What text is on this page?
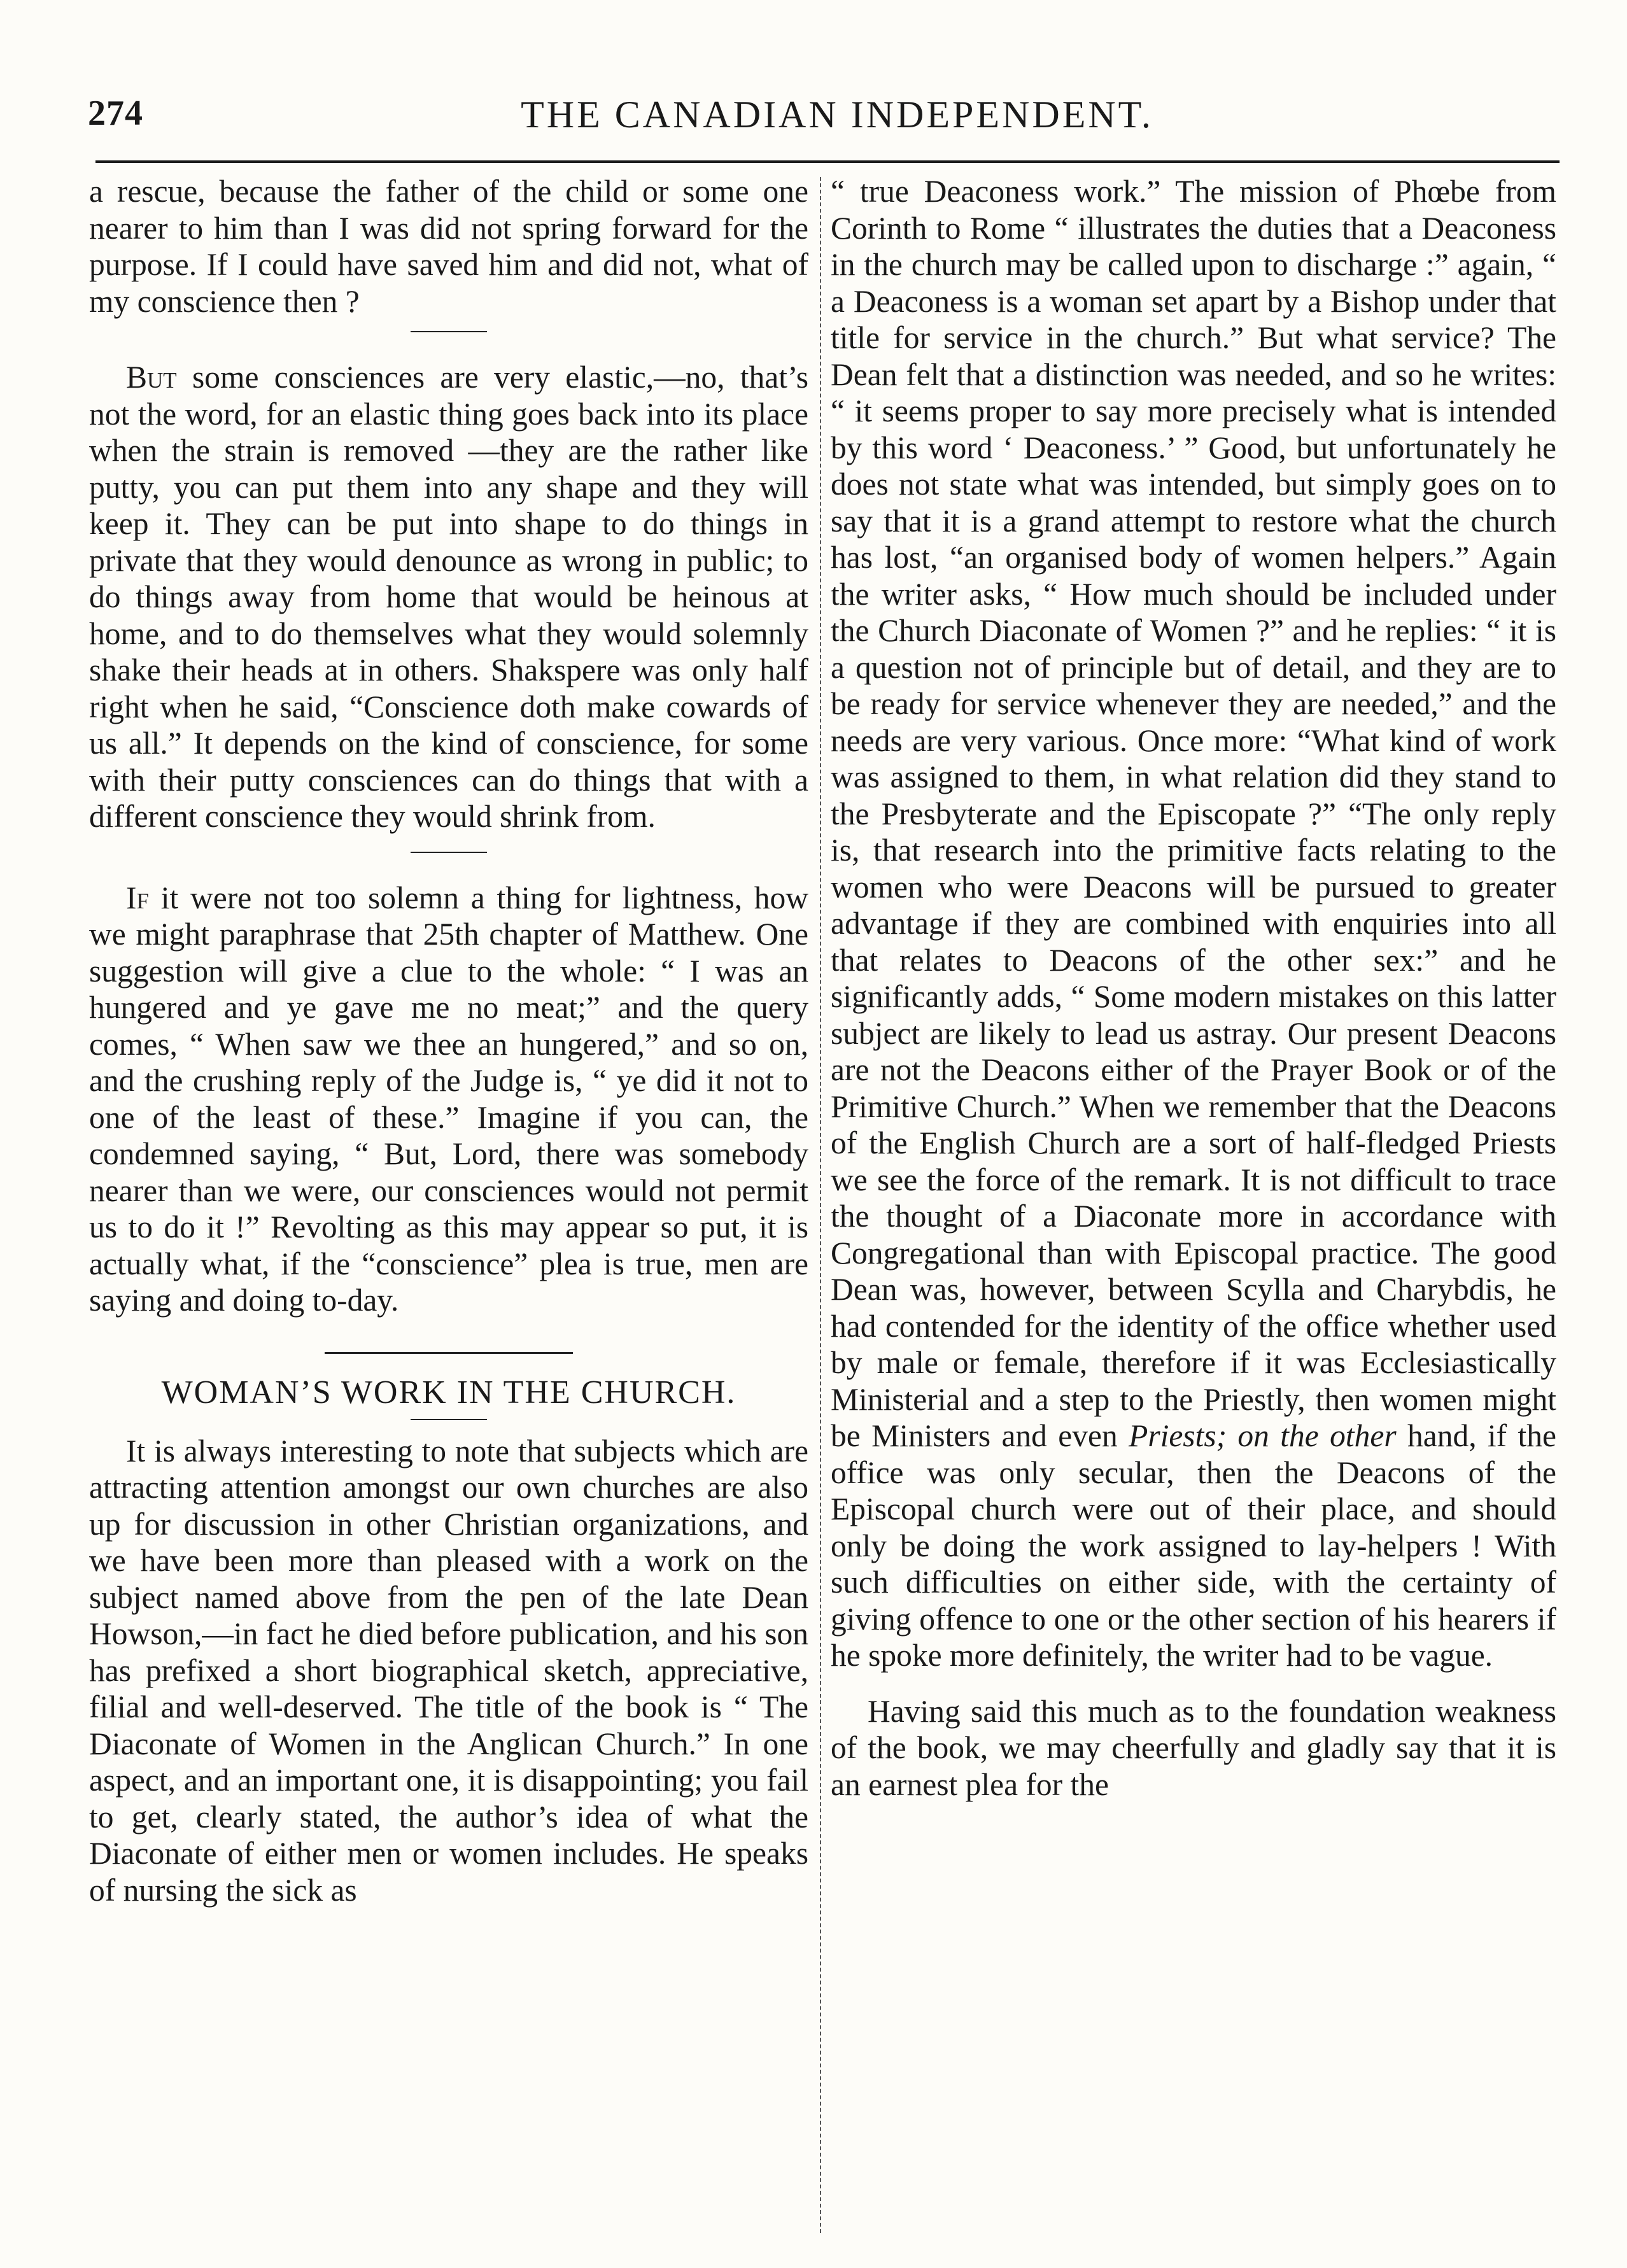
274	THE CANADIAN INDEPENDENT.

a rescue, because the father of the child or some one nearer to him than I was did not spring forward for the purpose. If I could have saved him and did not, what of my conscience then ?

But some consciences are very elastic,—no, that’s not the word, for an elastic thing goes back into its place when the strain is removed —they are the rather like putty, you can put them into any shape and they will keep it. They can be put into shape to do things in private that they would denounce as wrong in public; to do things away from home that would be heinous at home, and to do themselves what they would solemnly shake their heads at in others. Shakspere was only half right when he said, “Conscience doth make cowards of us all.” It depends on the kind of conscience, for some with their putty consciences can do things that with a different conscience they would shrink from.

If it were not too solemn a thing for lightness, how we might paraphrase that 25th chapter of Matthew. One suggestion will give a clue to the whole: “ I was an hungered and ye gave me no meat;” and the query comes, “ When saw we thee an hungered,” and so on, and the crushing reply of the Judge is, “ ye did it not to one of the least of these.” Imagine if you can, the condemned saying, “ But, Lord, there was somebody nearer than we were, our consciences would not permit us to do it !” Revolting as this may appear so put, it is actually what, if the “conscience” plea is true, men are saying and doing to-day.

WOMAN’S WORK IN THE CHURCH.

It is always interesting to note that subjects which are attracting attention amongst our own churches are also up for discussion in other Christian organizations, and we have been more than pleased with a work on the subject named above from the pen of the late Dean Howson,—in fact he died before publication, and his son has prefixed a short biographical sketch, appreciative, filial and well-deserved. The title of the book is “ The Diaconate of Women in the Anglican Church.” In one aspect, and an important one, it is disappointing; you fail to get, clearly stated, the author’s idea of what the Diaconate of either men or women includes. He speaks of nursing the sick as

“ true Deaconess work.” The mission of Phœbe from Corinth to Rome “ illustrates the duties that a Deaconess in the church may be called upon to discharge :” again, “ a Deaconess is a woman set apart by a Bishop under that title for service in the church.” But what service? The Dean felt that a distinction was needed, and so he writes: “ it seems proper to say more precisely what is intended by this word ‘ Deaconess.’ ” Good, but unfortunately he does not state what was intended, but simply goes on to say that it is a grand attempt to restore what the church has lost, “an organised body of women helpers.” Again the writer asks, “ How much should be included under the Church Diaconate of Women ?” and he replies: “ it is a question not of principle but of detail, and they are to be ready for service whenever they are needed,” and the needs are very various. Once more: “What kind of work was assigned to them, in what relation did they stand to the Presbyterate and the Episcopate ?” “The only reply is, that research into the primitive facts relating to the women who were Deacons will be pursued to greater advantage if they are combined with enquiries into all that relates to Deacons of the other sex:” and he significantly adds, “ Some modern mistakes on this latter subject are likely to lead us astray. Our present Deacons are not the Deacons either of the Prayer Book or of the Primitive Church.” When we remember that the Deacons of the English Church are a sort of half-fledged Priests we see the force of the remark. It is not difficult to trace the thought of a Diaconate more in accordance with Congregational than with Episcopal practice. The good Dean was, however, between Scylla and Charybdis, he had contended for the identity of the office whether used by male or female, therefore if it was Ecclesiastically Ministerial and a step to the Priestly, then women might be Ministers and even Priests; on the other hand, if the office was only secular, then the Deacons of the Episcopal church were out of their place, and should only be doing the work assigned to lay-helpers ! With such difficulties on either side, with the certainty of giving offence to one or the other section of his hearers if he spoke more definitely, the writer had to be vague.

Having said this much as to the foundation weakness of the book, we may cheerfully and gladly say that it is an earnest plea for the
